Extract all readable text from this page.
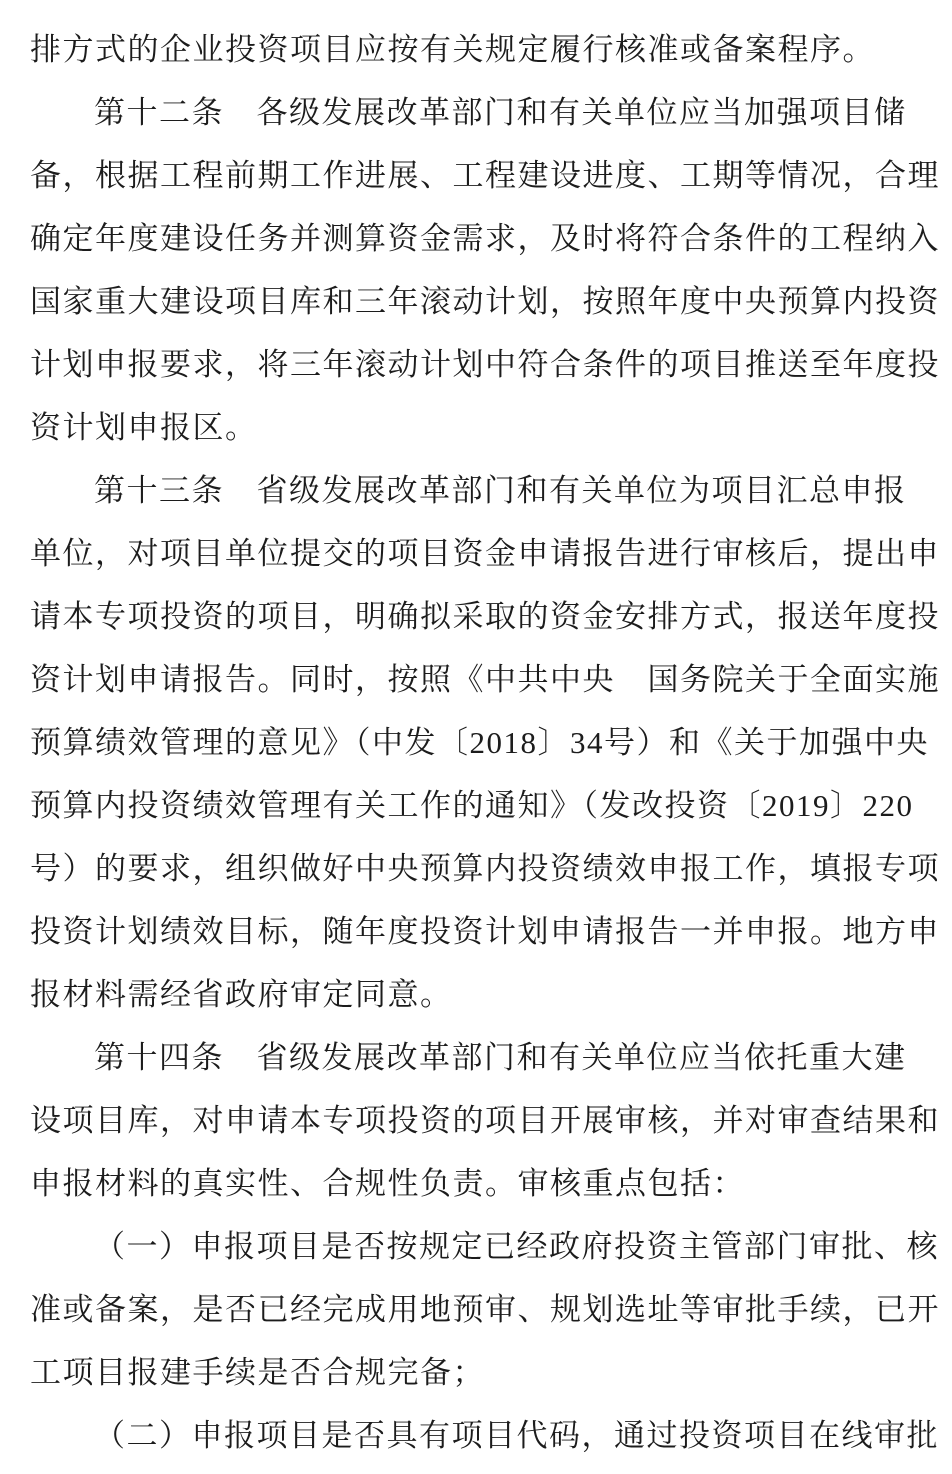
排方式的企业投资项目应按有关规定履行核准或备案程序。
第十二条　各级发展改革部门和有关单位应当加强项目储
备，根据工程前期工作进展、工程建设进度、工期等情况，合理
确定年度建设任务并测算资金需求，及时将符合条件的工程纳入
国家重大建设项目库和三年滚动计划，按照年度中央预算内投资
计划申报要求，将三年滚动计划中符合条件的项目推送至年度投
资计划申报区。
第十三条　省级发展改革部门和有关单位为项目汇总申报
单位，对项目单位提交的项目资金申请报告进行审核后，提出申
请本专项投资的项目，明确拟采取的资金安排方式，报送年度投
资计划申请报告。同时，按照《中共中央　国务院关于全面实施
预算绩效管理的意见》（中发〔2018〕34号）和《关于加强中央
预算内投资绩效管理有关工作的通知》（发改投资〔2019〕220
号）的要求，组织做好中央预算内投资绩效申报工作，填报专项
投资计划绩效目标，随年度投资计划申请报告一并申报。地方申
报材料需经省政府审定同意。
第十四条　省级发展改革部门和有关单位应当依托重大建
设项目库，对申请本专项投资的项目开展审核，并对审查结果和
申报材料的真实性、合规性负责。审核重点包括：
（一）申报项目是否按规定已经政府投资主管部门审批、核
准或备案，是否已经完成用地预审、规划选址等审批手续，已开
工项目报建手续是否合规完备；
（二）申报项目是否具有项目代码，通过投资项目在线审批
